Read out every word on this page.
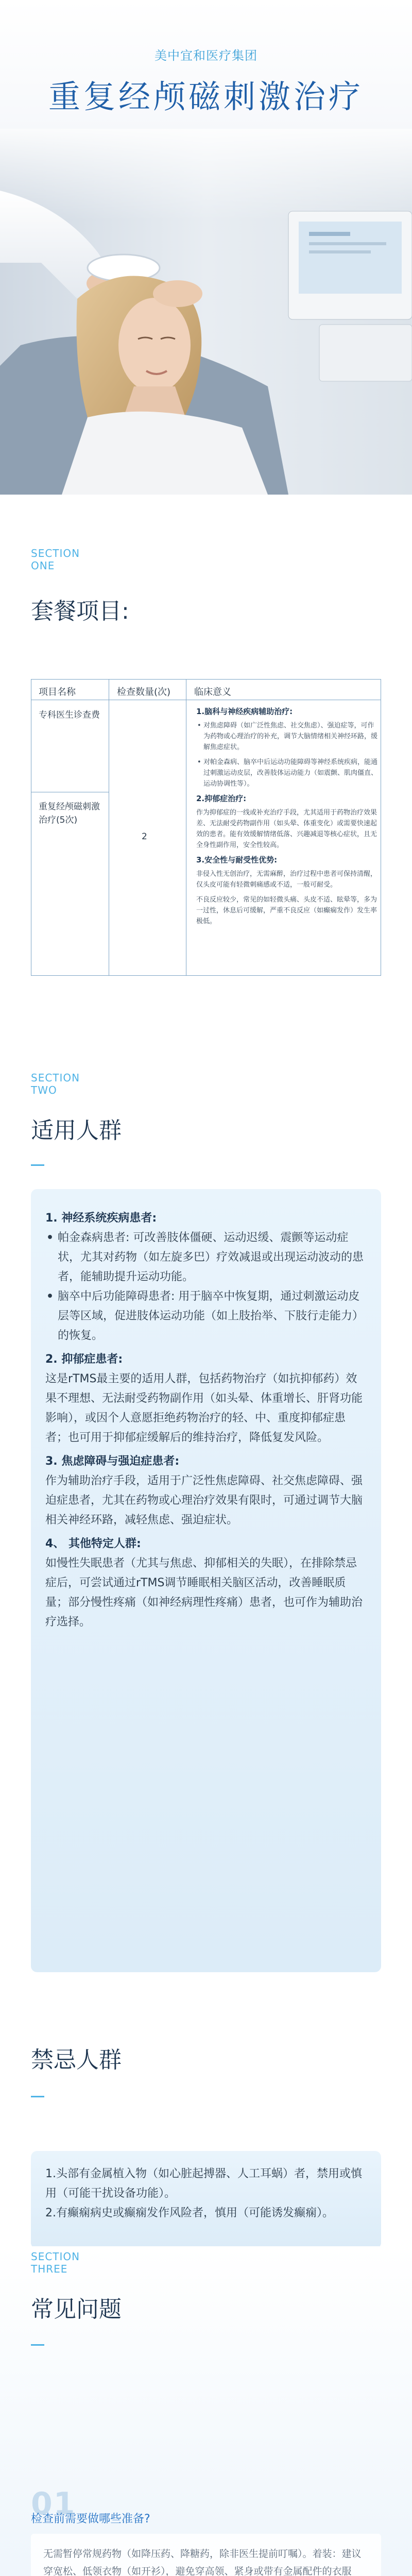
美中宜和医疗集团
重复经颅磁刺激治疗
SECTION
ONE
套餐项目:
项目名称	检查数量(次)	临床意义
专科医生诊查费
重复经颅磁刺激治疗(5次)
2
1.脑科与神经疾病辅助治疗:
• 对焦虑障碍（如广泛性焦虑、社交焦虑）、强迫症等，可作为药物或心理治疗的补充，调节大脑情绪相关神经环路，缓解焦虑症状。
• 对帕金森病、脑卒中后运动功能障碍等神经系统疾病，能通过刺激运动皮层，改善肢体运动能力（如震颤、肌肉僵直、运动协调性等）。
2.抑郁症治疗:

作为抑郁症的一线或补充治疗手段，尤其适用于药物治疗效果差、无法耐受药物副作用（如头晕、体重变化）或需要快速起效的患者。能有效缓解情绪低落、兴趣减退等核心症状，且无全身性副作用，安全性较高。

3.安全性与耐受性优势:

非侵入性无创治疗，无需麻醉，治疗过程中患者可保持清醒，仅头皮可能有轻微刺痛感或不适，一般可耐受。

不良反应较少，常见的如轻微头痛、头皮不适、眩晕等，多为一过性，休息后可缓解，严重不良反应（如癫痫发作）发生率极低。

SECTION
TWO
适用人群
1. 神经系统疾病患者:
• 帕金森病患者: 可改善肢体僵硬、运动迟缓、震颤等运动症状，尤其对药物（如左旋多巴）疗效减退或出现运动波动的患者，能辅助提升运动功能。
• 脑卒中后功能障碍患者: 用于脑卒中恢复期，通过刺激运动皮层等区域，促进肢体运动功能（如上肢抬举、下肢行走能力）的恢复。
2. 抑郁症患者:
这是rTMS最主要的适用人群，包括药物治疗（如抗抑郁药）效果不理想、无法耐受药物副作用（如头晕、体重增长、肝肾功能影响），或因个人意愿拒绝药物治疗的轻、中、重度抑郁症患者；也可用于抑郁症缓解后的维持治疗，降低复发风险。
3. 焦虑障碍与强迫症患者:
作为辅助治疗手段，适用于广泛性焦虑障碍、社交焦虑障碍、强迫症患者，尤其在药物或心理治疗效果有限时，可通过调节大脑相关神经环路，减轻焦虑、强迫症状。
4、 其他特定人群:
如慢性失眠患者（尤其与焦虑、抑郁相关的失眠），在排除禁忌症后，可尝试通过rTMS调节睡眠相关脑区活动，改善睡眠质量；部分慢性疼痛（如神经病理性疼痛）患者，也可作为辅助治疗选择。
禁忌人群
1.头部有金属植入物（如心脏起搏器、人工耳蜗）者，禁用或慎用（可能干扰设备功能）。
2.有癫痫病史或癫痫发作风险者，慎用（可能诱发癫痫）。
SECTION
THREE
常见问题
01
检查前需要做哪些准备?
无需暂停常规药物（如降压药、降糖药，除非医生提前叮嘱）。着装：建议穿宽松、低领衣物（如开衫），避免穿高领、紧身或带有金属配件的衣服
